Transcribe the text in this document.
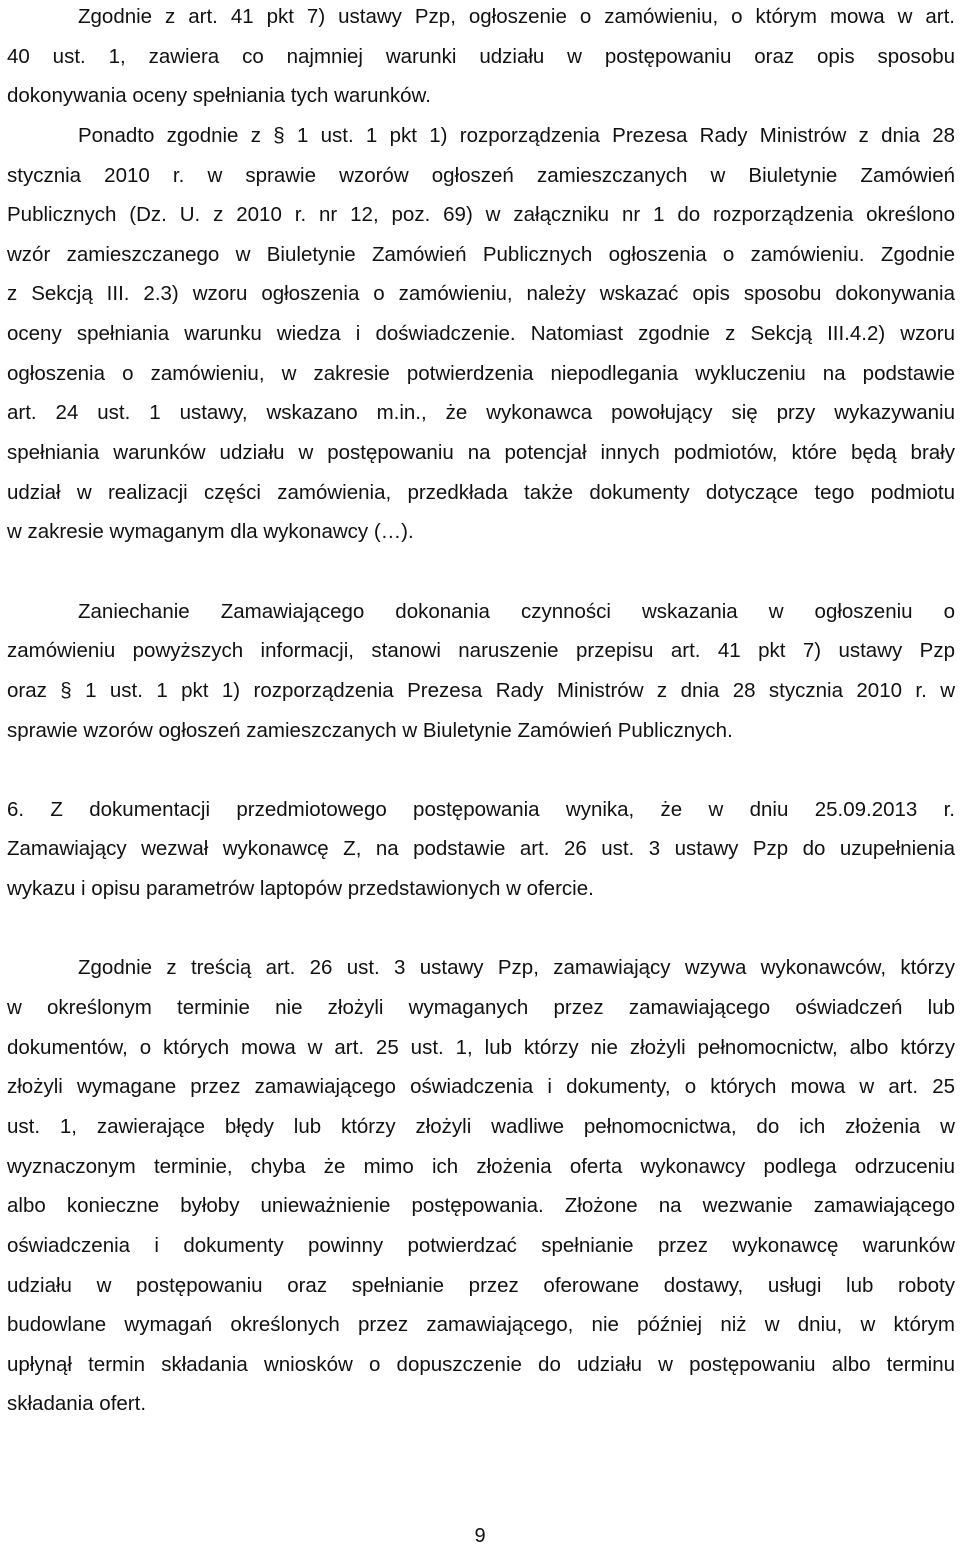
Zgodnie z art. 41 pkt 7) ustawy Pzp, ogłoszenie o zamówieniu, o którym mowa w art.
40 ust. 1, zawiera co najmniej warunki udziału w postępowaniu oraz opis sposobu
dokonywania oceny spełniania tych warunków.
Ponadto zgodnie z § 1 ust. 1 pkt 1) rozporządzenia Prezesa Rady Ministrów z dnia 28
stycznia 2010 r. w sprawie wzorów ogłoszeń zamieszczanych w Biuletynie Zamówień
Publicznych (Dz. U. z 2010 r. nr 12, poz. 69) w załączniku nr 1 do rozporządzenia określono
wzór zamieszczanego w Biuletynie Zamówień Publicznych ogłoszenia o zamówieniu. Zgodnie
z Sekcją III. 2.3) wzoru ogłoszenia o zamówieniu, należy wskazać opis sposobu dokonywania
oceny spełniania warunku wiedza i doświadczenie. Natomiast zgodnie z Sekcją III.4.2) wzoru
ogłoszenia o zamówieniu, w zakresie potwierdzenia niepodlegania wykluczeniu na podstawie
art. 24 ust. 1 ustawy, wskazano m.in., że wykonawca powołujący się przy wykazywaniu
spełniania warunków udziału w postępowaniu na potencjał innych podmiotów, które będą brały
udział w realizacji części zamówienia, przedkłada także dokumenty dotyczące tego podmiotu
w zakresie wymaganym dla wykonawcy (…).
Zaniechanie Zamawiającego dokonania czynności wskazania w ogłoszeniu o
zamówieniu powyższych informacji, stanowi naruszenie przepisu art. 41 pkt 7) ustawy Pzp
oraz § 1 ust. 1 pkt 1) rozporządzenia Prezesa Rady Ministrów z dnia 28 stycznia 2010 r. w
sprawie wzorów ogłoszeń zamieszczanych w Biuletynie Zamówień Publicznych.
6. Z dokumentacji przedmiotowego postępowania wynika, że w dniu 25.09.2013 r.
Zamawiający wezwał wykonawcę Z, na podstawie art. 26 ust. 3 ustawy Pzp do uzupełnienia
wykazu i opisu parametrów laptopów przedstawionych w ofercie.
Zgodnie z treścią art. 26 ust. 3 ustawy Pzp, zamawiający wzywa wykonawców, którzy
w określonym terminie nie złożyli wymaganych przez zamawiającego oświadczeń lub
dokumentów, o których mowa w art. 25 ust. 1, lub którzy nie złożyli pełnomocnictw, albo którzy
złożyli wymagane przez zamawiającego oświadczenia i dokumenty, o których mowa w art. 25
ust. 1, zawierające błędy lub którzy złożyli wadliwe pełnomocnictwa, do ich złożenia w
wyznaczonym terminie, chyba że mimo ich złożenia oferta wykonawcy podlega odrzuceniu
albo konieczne byłoby unieważnienie postępowania. Złożone na wezwanie zamawiającego
oświadczenia i dokumenty powinny potwierdzać spełnianie przez wykonawcę warunków
udziału w postępowaniu oraz spełnianie przez oferowane dostawy, usługi lub roboty
budowlane wymagań określonych przez zamawiającego, nie później niż w dniu, w którym
upłynął termin składania wniosków o dopuszczenie do udziału w postępowaniu albo terminu
składania ofert.
9
